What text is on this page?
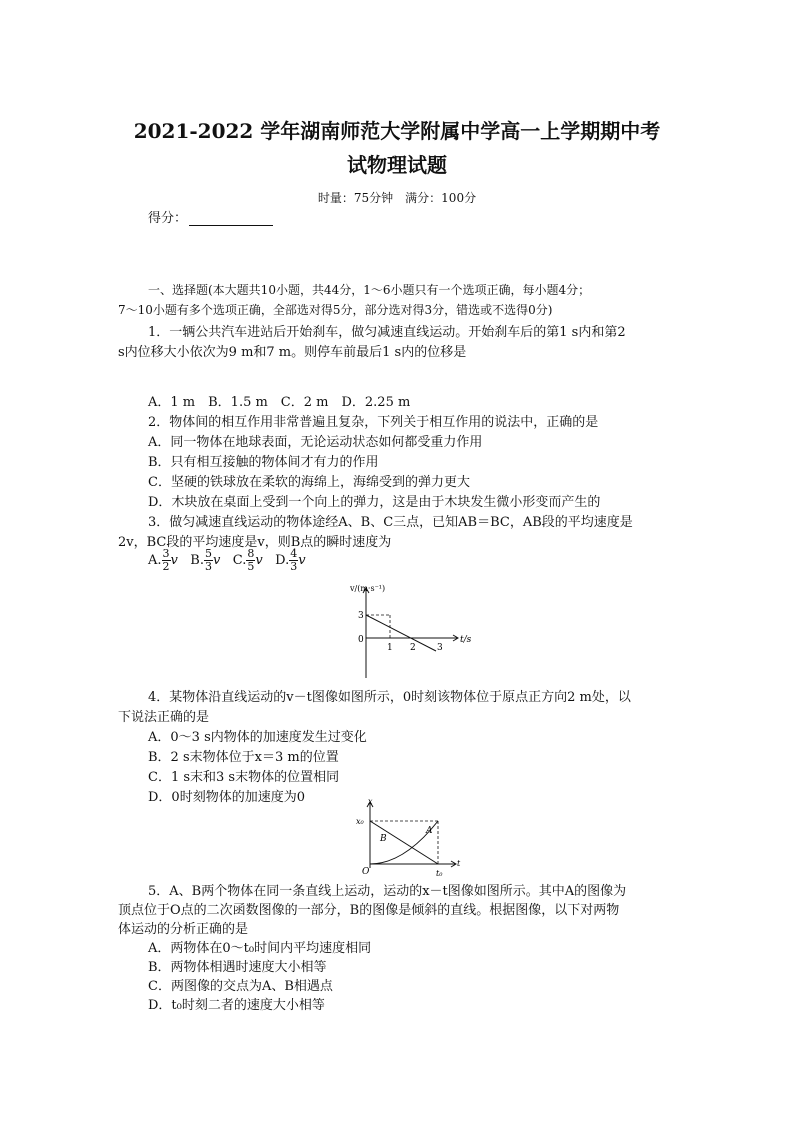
2021-2022 学年湖南师范大学附属中学高一上学期期中考
试物理试题
时量：75分钟　满分：100分
得分：
一、选择题(本大题共10小题，共44分，1～6小题只有一个选项正确，每小题4分；
7～10小题有多个选项正确，全部选对得5分，部分选对得3分，错选或不选得0分)
1．一辆公共汽车进站后开始刹车，做匀减速直线运动。开始刹车后的第1 s内和第2
s内位移大小依次为9 m和7 m。则停车前最后1 s内的位移是
A．1 m　B．1.5 m　C．2 m　D．2.25 m
2．物体间的相互作用非常普遍且复杂，下列关于相互作用的说法中，正确的是
A．同一物体在地球表面，无论运动状态如何都受重力作用
B．只有相互接触的物体间才有力的作用
C．坚硬的铁球放在柔软的海绵上，海绵受到的弹力更大
D．木块放在桌面上受到一个向上的弹力，这是由于木块发生微小形变而产生的
3．做匀减速直线运动的物体途经A、B、C三点，已知AB＝BC，AB段的平均速度是
2v，BC段的平均速度是v，则B点的瞬时速度为
A. $\frac{3}{2}$ v B. $\frac{5}{3}$ v C. $\frac{8}{5}$ v D. $\frac{4}{3}$ v
v/(m·s⁻¹)
t/s
3
0
1 2 3
4．某物体沿直线运动的v－t图像如图所示，0时刻该物体位于原点正方向2 m处，以
下说法正确的是
A．0～3 s内物体的加速度发生过变化
B．2 s末物体位于x＝3 m的位置
C．1 s末和3 s末物体的位置相同
D．0时刻物体的加速度为0	x
t
x₀
t₀
O
A
B
5．A、B两个物体在同一条直线上运动，运动的x－t图像如图所示。其中A的图像为
顶点位于O点的二次函数图像的一部分，B的图像是倾斜的直线。根据图像，以下对两物
体运动的分析正确的是
A．两物体在0～t₀时间内平均速度相同
B．两物体相遇时速度大小相等
C．两图像的交点为A、B相遇点
D．t₀时刻二者的速度大小相等
